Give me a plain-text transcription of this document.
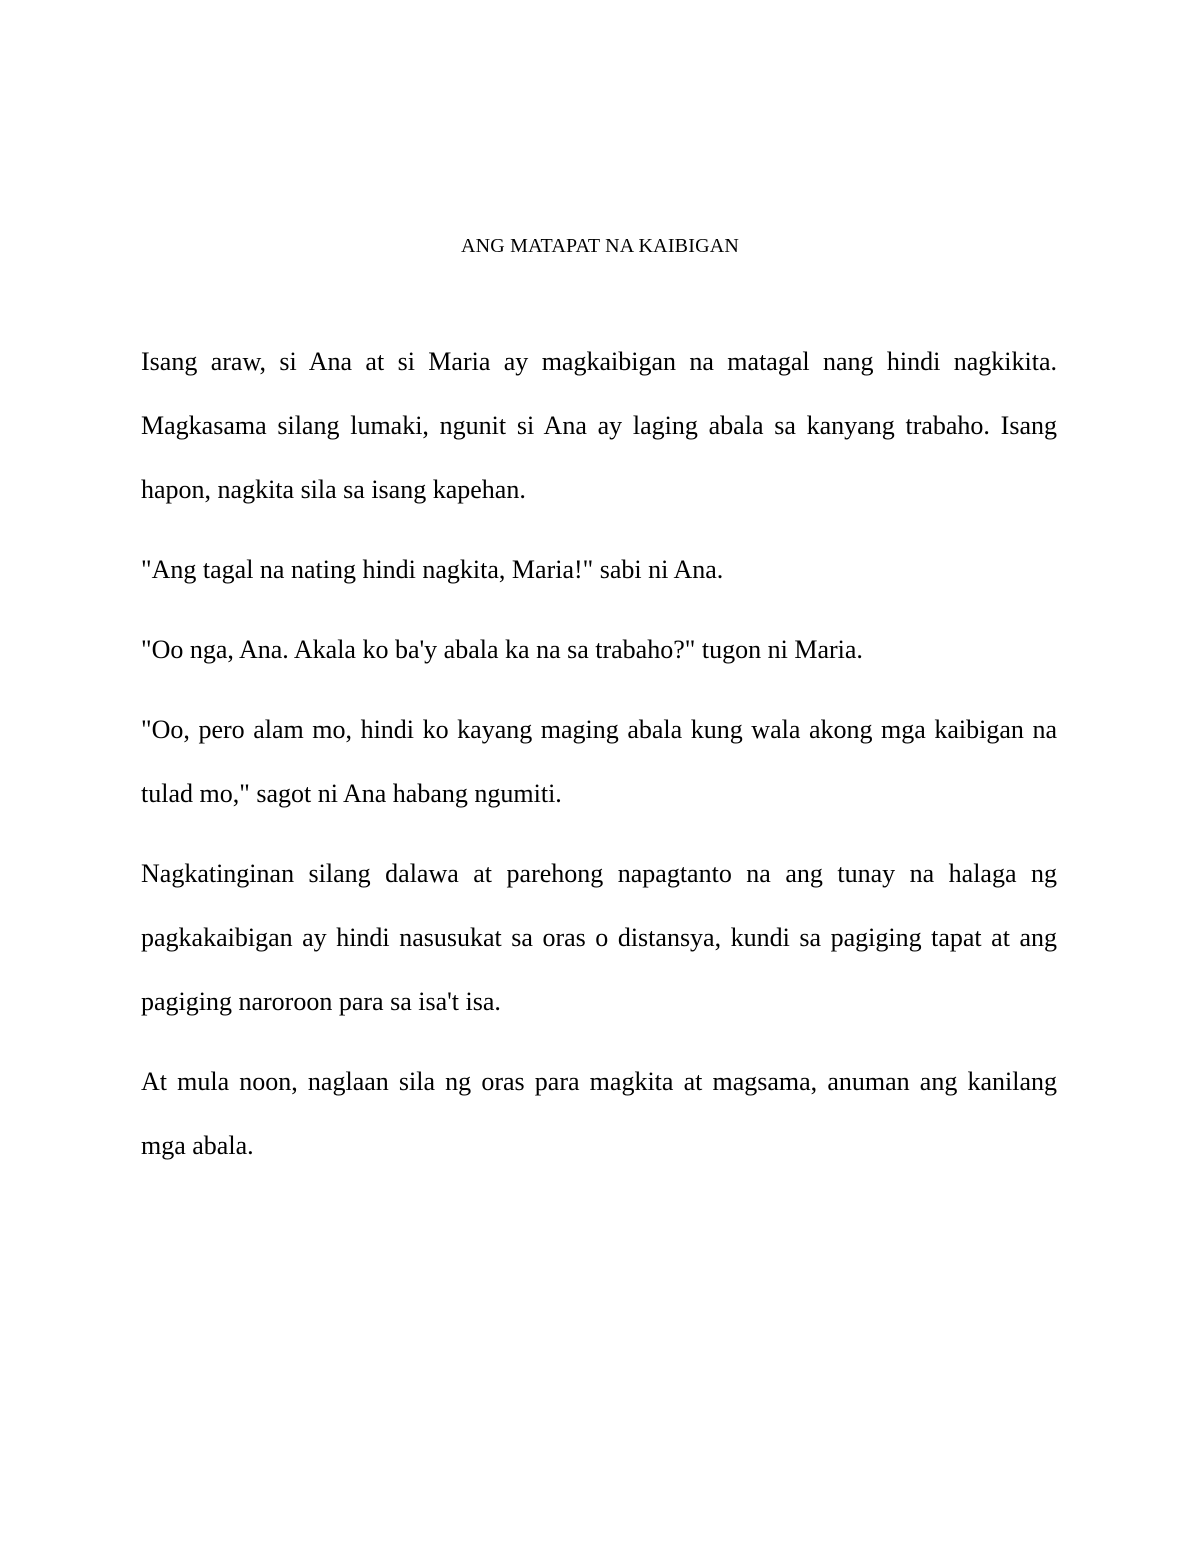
ANG MATAPAT NA KAIBIGAN

Isang araw, si Ana at si Maria ay magkaibigan na matagal nang hindi nagkikita. Magkasama silang lumaki, ngunit si Ana ay laging abala sa kanyang trabaho. Isang hapon, nagkita sila sa isang kapehan.

"Ang tagal na nating hindi nagkita, Maria!" sabi ni Ana.

"Oo nga, Ana. Akala ko ba'y abala ka na sa trabaho?" tugon ni Maria.

"Oo, pero alam mo, hindi ko kayang maging abala kung wala akong mga kaibigan na tulad mo," sagot ni Ana habang ngumiti.

Nagkatinginan silang dalawa at parehong napagtanto na ang tunay na halaga ng pagkakaibigan ay hindi nasusukat sa oras o distansya, kundi sa pagiging tapat at ang pagiging naroroon para sa isa't isa.

At mula noon, naglaan sila ng oras para magkita at magsama, anuman ang kanilang mga abala.
